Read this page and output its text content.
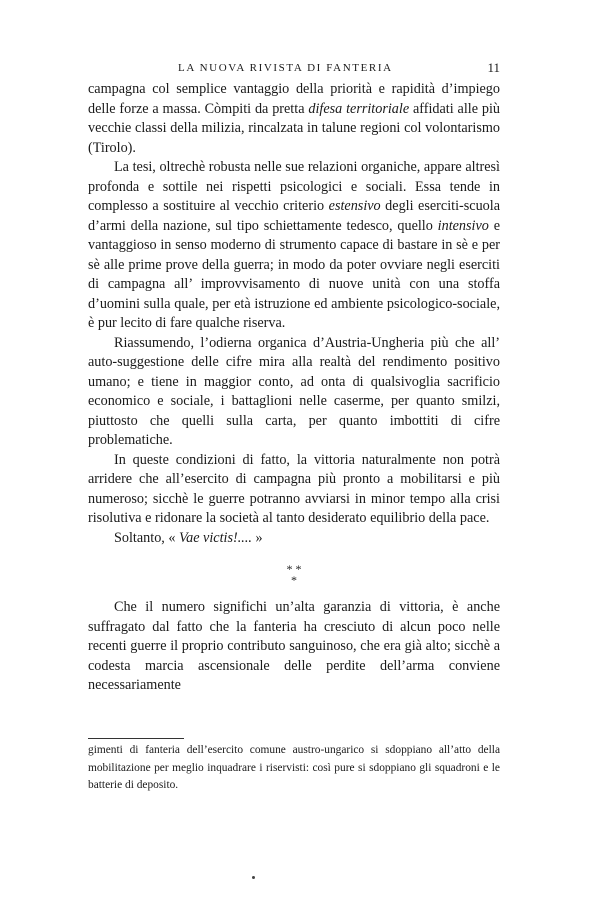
LA NUOVA RIVISTA DI FANTERIA	11

campagna col semplice vantaggio della priorità e rapidità d’impiego delle forze a massa. Còmpiti da pretta difesa territoriale affidati alle più vecchie classi della milizia, rincalzata in talune regioni col volontarismo (Tirolo).

La tesi, oltrechè robusta nelle sue relazioni organiche, appare altresì profonda e sottile nei rispetti psicologici e sociali. Essa tende in complesso a sostituire al vecchio criterio estensivo degli eserciti-scuola d’armi della nazione, sul tipo schiettamente tedesco, quello intensivo e vantaggioso in senso moderno di strumento capace di bastare in sè e per sè alle prime prove della guerra; in modo da poter ovviare negli eserciti di campagna all’ improvvisamento di nuove unità con una stoffa d’uomini sulla quale, per età istruzione ed ambiente psicologico-sociale, è pur lecito di fare qualche riserva.

Riassumendo, l’odierna organica d’Austria-Ungheria più che all’ auto-suggestione delle cifre mira alla realtà del rendimento positivo umano; e tiene in maggior conto, ad onta di qualsivoglia sacrificio economico e sociale, i battaglioni nelle caserme, per quanto smilzi, piuttosto che quelli sulla carta, per quanto imbottiti di cifre problematiche.

In queste condizioni di fatto, la vittoria naturalmente non potrà arridere che all’esercito di campagna più pronto a mobilitarsi e più numeroso; sicchè le guerre potranno avviarsi in minor tempo alla crisi risolutiva e ridonare la società al tanto desiderato equilibrio della pace.

Soltanto, « Vae victis!.... »

* *
*

Che il numero significhi un’alta garanzia di vittoria, è anche suffragato dal fatto che la fanteria ha cresciuto di alcun poco nelle recenti guerre il proprio contributo sanguinoso, che era già alto; sicchè a codesta marcia ascensionale delle perdite dell’arma conviene necessariamente

gimenti di fanteria dell’esercito comune austro-ungarico si sdoppiano all’atto della mobilitazione per meglio inquadrare i riservisti: così pure si sdoppiano gli squadroni e le batterie di deposito.
